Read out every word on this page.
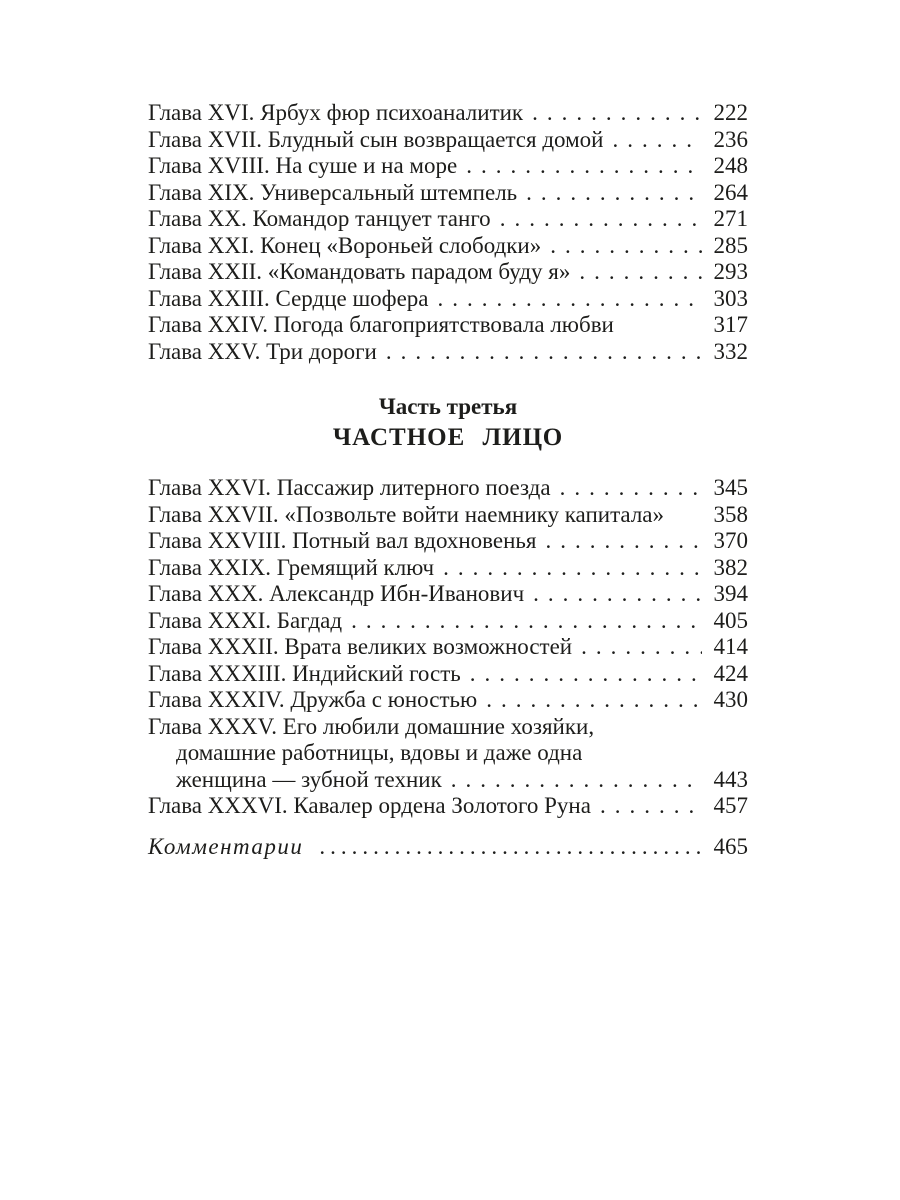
Глава XVI. Ярбух фюр психоаналитик .....	222
Глава XVII. Блудный сын возвращается домой .....	236
Глава XVIII. На суше и на море .....	248
Глава XIX. Универсальный штемпель .....	264
Глава XX. Командор танцует танго .....	271
Глава XXI. Конец «Вороньей слободки» .....	285
Глава XXII. «Командовать парадом буду я» .....	293
Глава XXIII. Сердце шофера .....	303
Глава XXIV. Погода благоприятствовала любви	317
Глава XXV. Три дороги .....	332
Часть третья
ЧАСТНОЕ ЛИЦО
Глава XXVI. Пассажир литерного поезда .....	345
Глава XXVII. «Позвольте войти наемнику капитала» 358
Глава XXVIII. Потный вал вдохновенья .....	370
Глава XXIX. Гремящий ключ .....	382
Глава XXX. Александр Ибн-Иванович .....	394
Глава XXXI. Багдад .....	405
Глава XXXII. Врата великих возможностей .....	414
Глава XXXIII. Индийский гость .....	424
Глава XXXIV. Дружба с юностью .....	430
Глава XXXV. Его любили домашние хозяйки,
домашние работницы, вдовы и даже одна
женщина — зубной техник .....	443
Глава XXXVI. Кавалер ордена Золотого Руна .....	457
Комментарии .....	465
